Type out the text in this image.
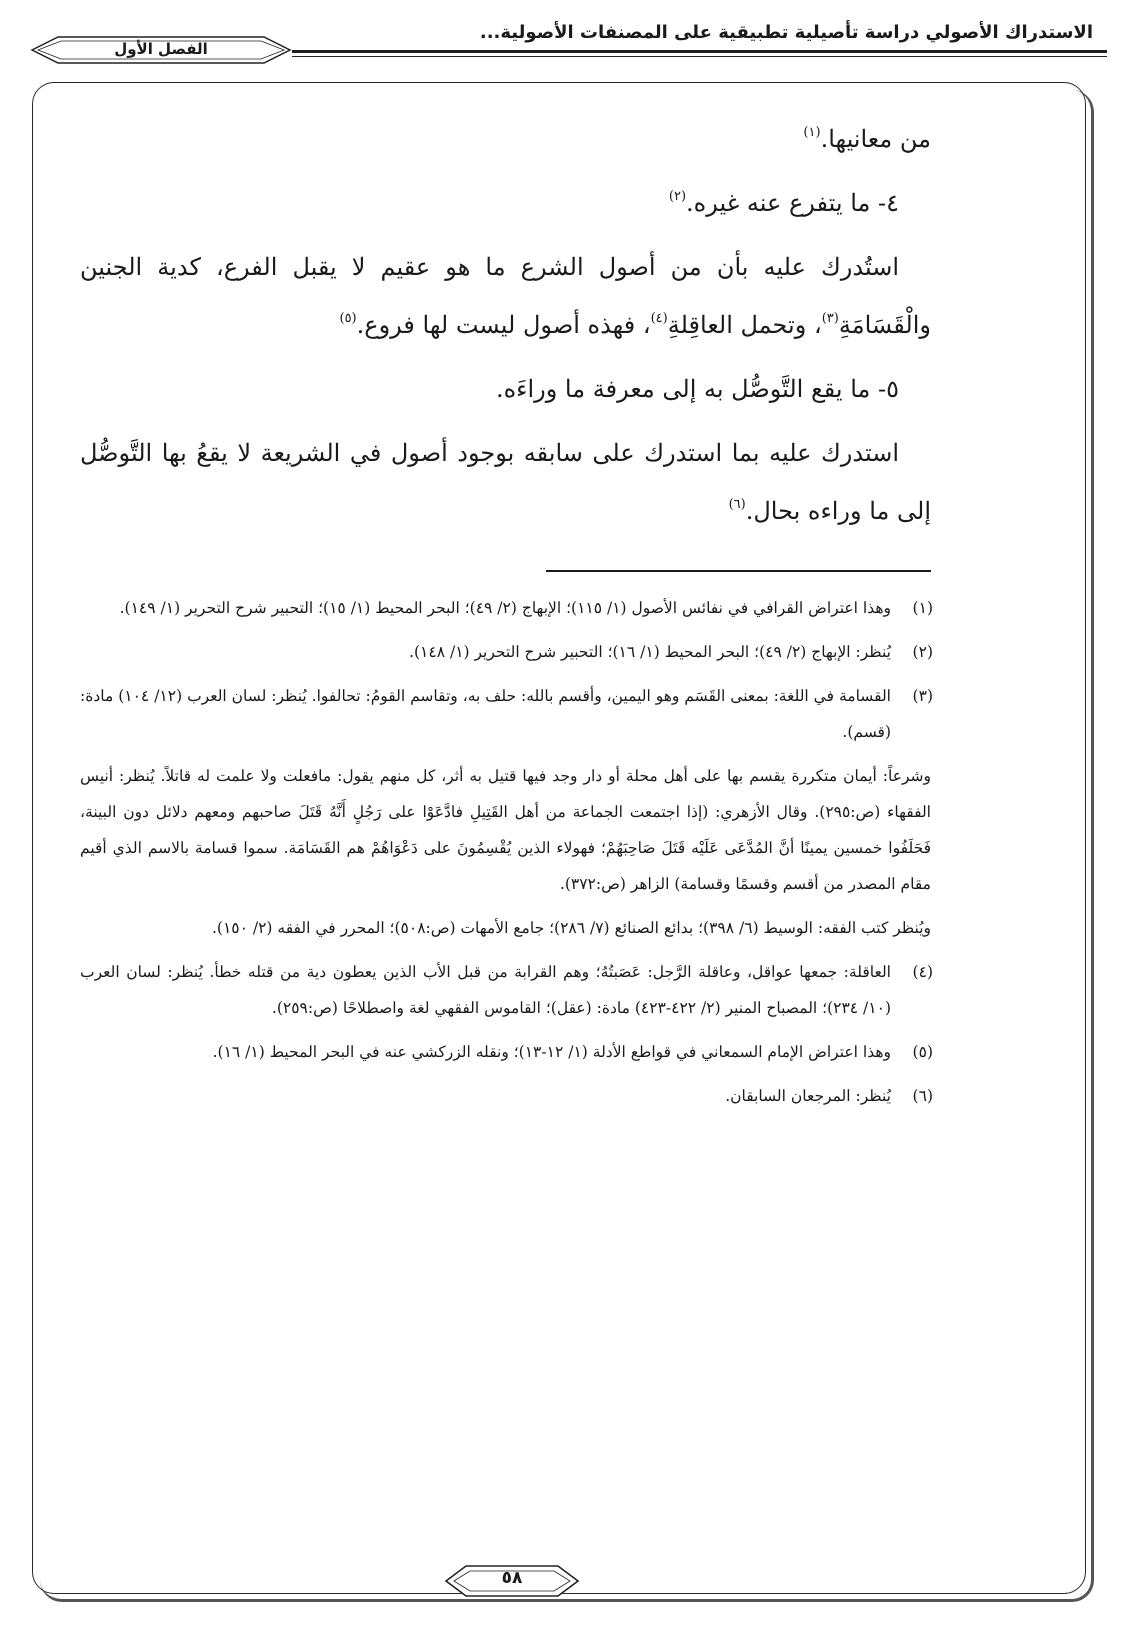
الاستدراك الأصولي دراسة تأصيلية تطبيقية على المصنفات الأصولية...
الفصل الأول

من معانيها.$^{(١)}$

٤- ما يتفرع عنه غيره.$^{(٢)}$

استُدرك عليه بأن من أصول الشرع ما هو عقيم لا يقبل الفرع، كدية الجنين والْقَسَامَةِ$^{(٣)}$، وتحمل العاقِلةِ$^{(٤)}$، فهذه أصول ليست لها فروع.$^{(٥)}$

٥- ما يقع التَّوصُّل به إلى معرفة ما وراءَه.

استدرك عليه بما استدرك على سابقه بوجود أصول في الشريعة لا يقعُ بها التَّوصُّل إلى ما وراءه بحال.$^{(٦)}$

(١)

وهذا اعتراض القرافي في نفائس الأصول (١/ ١١٥)؛ الإبهاج (٢/ ٤٩)؛ البحر المحيط (١/ ١٥)؛ التحبير شرح التحرير (١/ ١٤٩).

(٢)

يُنظر: الإبهاج (٢/ ٤٩)؛ البحر المحيط (١/ ١٦)؛ التحبير شرح التحرير (١/ ١٤٨).

(٣)

القسامة في اللغة: بمعنى القَسَم وهو اليمين، وأقسم بالله: حلف به، وتقاسم القومُ: تحالفوا. يُنظر: لسان العرب (١٢/ ١٠٤) مادة: (قسم).

وشرعاً: أيمان متكررة يقسم بها على أهل محلة أو دار وجد فيها قتيل به أثر، كل منهم يقول: مافعلت ولا علمت له قاتلاً. يُنظر: أنيس الفقهاء (ص:٢٩٥). وقال الأزهري: (إذا اجتمعت الجماعة من أهل القَتِيلِ فادَّعَوْا على رَجُلٍ أَنَّهُ قَتَلَ صاحبهم ومعهم دلائل دون البينة، فَحَلَفُوا خمسين يمينًا أنَّ المُدَّعَى عَلَيْه قَتَلَ صَاحِبَهُمْ؛ فهولاء الذين يُقْسِمُونَ على دَعْوَاهُمْ هم القَسَامَة. سموا قسامة بالاسم الذي أقيم مقام المصدر من أقسم وقسمًا وقسامة) الزاهر (ص:٣٧٢).

ويُنظر كتب الفقه: الوسيط (٦/ ٣٩٨)؛ بدائع الصنائع (٧/ ٢٨٦)؛ جامع الأمهات (ص:٥٠٨)؛ المحرر في الفقه (٢/ ١٥٠).

(٤)

العاقلة: جمعها عواقل، وعاقلة الرَّجل: عَصَبتُهُ؛ وهم القرابة من قبل الأب الذين يعطون دية من قتله خطأ. يُنظر: لسان العرب (١٠/ ٢٣٤)؛ المصباح المنير (٢/ ٤٢٢-٤٢٣) مادة: (عقل)؛ القاموس الفقهي لغة واصطلاحًا (ص:٢٥٩).

(٥)

وهذا اعتراض الإمام السمعاني في قواطع الأدلة (١/ ١٢-١٣)؛ ونقله الزركشي عنه في البحر المحيط (١/ ١٦).

(٦)

يُنظر: المرجعان السابقان.

٥٨
